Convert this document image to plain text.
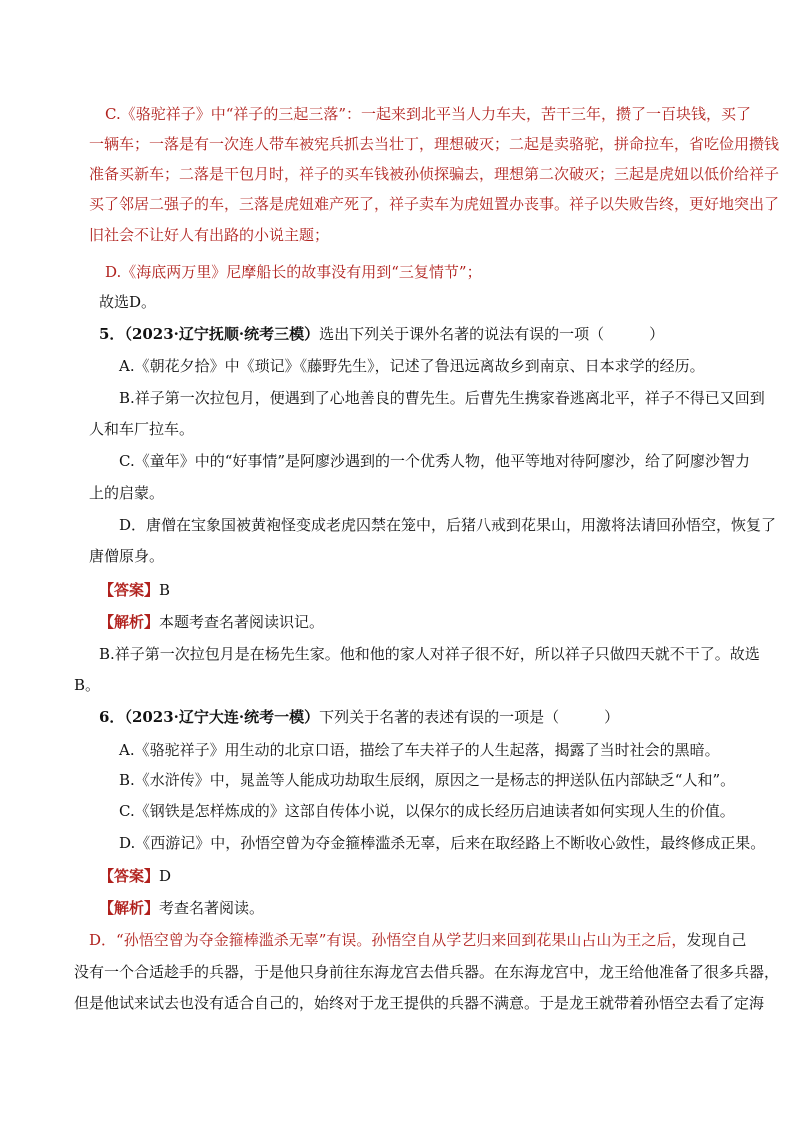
C.《骆驼祥子》中“祥子的三起三落”：一起来到北平当人力车夫，苦干三年，攒了一百块钱，买了
一辆车；一落是有一次连人带车被宪兵抓去当壮丁，理想破灭；二起是卖骆驼，拼命拉车，省吃俭用攒钱
准备买新车；二落是干包月时，祥子的买车钱被孙侦探骗去，理想第二次破灭；三起是虎妞以低价给祥子
买了邻居二强子的车，三落是虎妞难产死了，祥子卖车为虎妞置办丧事。祥子以失败告终，更好地突出了
旧社会不让好人有出路的小说主题；
D.《海底两万里》尼摩船长的故事没有用到“三复情节”；
故选D。
5．（2023·辽宁抚顺·统考三模）选出下列关于课外名著的说法有误的一项（　　　）
A.《朝花夕拾》中《琐记》《藤野先生》，记述了鲁迅远离故乡到南京、日本求学的经历。
B.祥子第一次拉包月，便遇到了心地善良的曹先生。后曹先生携家眷逃离北平，祥子不得已又回到
人和车厂拉车。
C.《童年》中的“好事情”是阿廖沙遇到的一个优秀人物，他平等地对待阿廖沙，给了阿廖沙智力
上的启蒙。
D．唐僧在宝象国被黄袍怪变成老虎囚禁在笼中，后猪八戒到花果山，用激将法请回孙悟空，恢复了
唐僧原身。
【答案】B
【解析】本题考查名著阅读识记。
B.祥子第一次拉包月是在杨先生家。他和他的家人对祥子很不好，所以祥子只做四天就不干了。故选
B。
6．（2023·辽宁大连·统考一模）下列关于名著的表述有误的一项是（　　　）
A.《骆驼祥子》用生动的北京口语，描绘了车夫祥子的人生起落，揭露了当时社会的黑暗。
B.《水浒传》中，晁盖等人能成功劫取生辰纲，原因之一是杨志的押送队伍内部缺乏“人和”。
C.《钢铁是怎样炼成的》这部自传体小说，以保尔的成长经历启迪读者如何实现人生的价值。
D.《西游记》中，孙悟空曾为夺金箍棒滥杀无辜，后来在取经路上不断收心敛性，最终修成正果。
【答案】D
【解析】考查名著阅读。
D．“孙悟空曾为夺金箍棒滥杀无辜”有误。孙悟空自从学艺归来回到花果山占山为王之后，发现自己
没有一个合适趁手的兵器，于是他只身前往东海龙宫去借兵器。在东海龙宫中，龙王给他准备了很多兵器，
但是他试来试去也没有适合自己的，始终对于龙王提供的兵器不满意。于是龙王就带着孙悟空去看了定海
